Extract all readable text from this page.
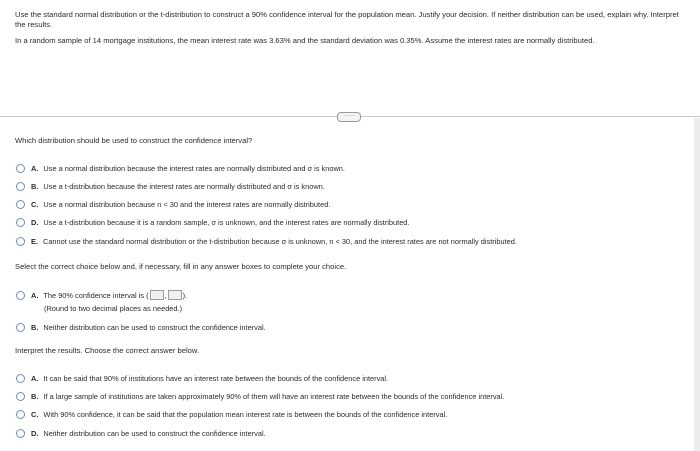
Use the standard normal distribution or the t-distribution to construct a 90% confidence interval for the population mean. Justify your decision. If neither distribution can be used, explain why. Interpret the results.

In a random sample of 14 mortgage institutions, the mean interest rate was 3.63% and the standard deviation was 0.35%. Assume the interest rates are normally distributed.

·····
Which distribution should be used to construct the confidence interval?
A. Use a normal distribution because the interest rates are normally distributed and σ is known.
B. Use a t-distribution because the interest rates are normally distributed and σ is known.
C. Use a normal distribution because n < 30 and the interest rates are normally distributed.
D. Use a t-distribution because it is a random sample, σ is unknown, and the interest rates are normally distributed.
E. Cannot use the standard normal distribution or the t-distribution because σ is unknown, n < 30, and the interest rates are not normally distributed.
Select the correct choice below and, if necessary, fill in any answer boxes to complete your choice.
A. The 90% confidence interval is ( , ).
(Round to two decimal places as needed.)
B. Neither distribution can be used to construct the confidence interval.
Interpret the results. Choose the correct answer below.
A. It can be said that 90% of institutions have an interest rate between the bounds of the confidence interval.
B. If a large sample of institutions are taken approximately 90% of them will have an interest rate between the bounds of the confidence interval.
C. With 90% confidence, it can be said that the population mean interest rate is between the bounds of the confidence interval.
D. Neither distribution can be used to construct the confidence interval.
